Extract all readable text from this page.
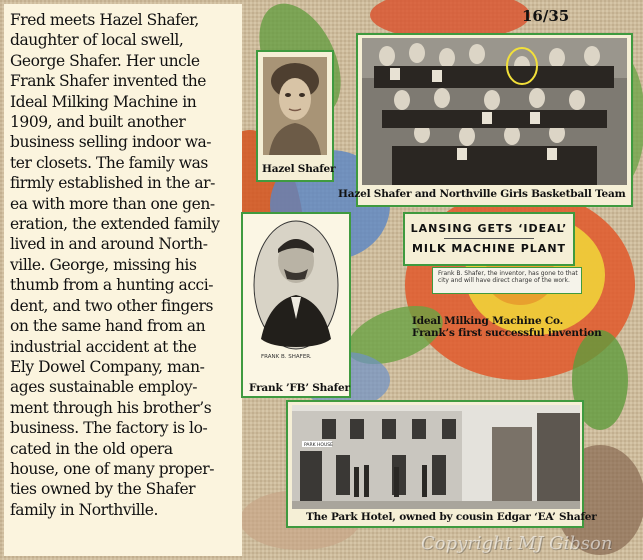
Fred meets Hazel Shafer,
daughter of local swell,
George Shafer. Her uncle
Frank Shafer invented the
Ideal Milking Machine in
1909, and built another
business selling indoor wa-
ter closets. The family was
firmly established in the ar-
ea with more than one gen-
eration, the extended family
lived in and around North-
ville. George, missing his
thumb from a hunting acci-
dent, and two other fingers
on the same hand from an
industrial accident at the
Ely Dowel Company, man-
ages sustainable employ-
ment through his brother’s
business. The factory is lo-
cated in the old opera
house, one of many proper-
ties owned by the Shafer
family in Northville.

16/35
Hazel Shafer
Hazel Shafer and Northville Girls Basketball Team
FRANK B. SHAFER.
Frank ’FB’ Shafer
LANSING GETS ‘IDEAL’
MILK MACHINE PLANT
Frank B. Shafer, the inventor, has gone to that city and will have direct charge of the work.
Ideal Milking Machine Co.
Frank’s first successful invention
PARK HOUSE
The Park Hotel, owned by cousin Edgar ‘EA’ Shafer
Copyright MJ Gibson
